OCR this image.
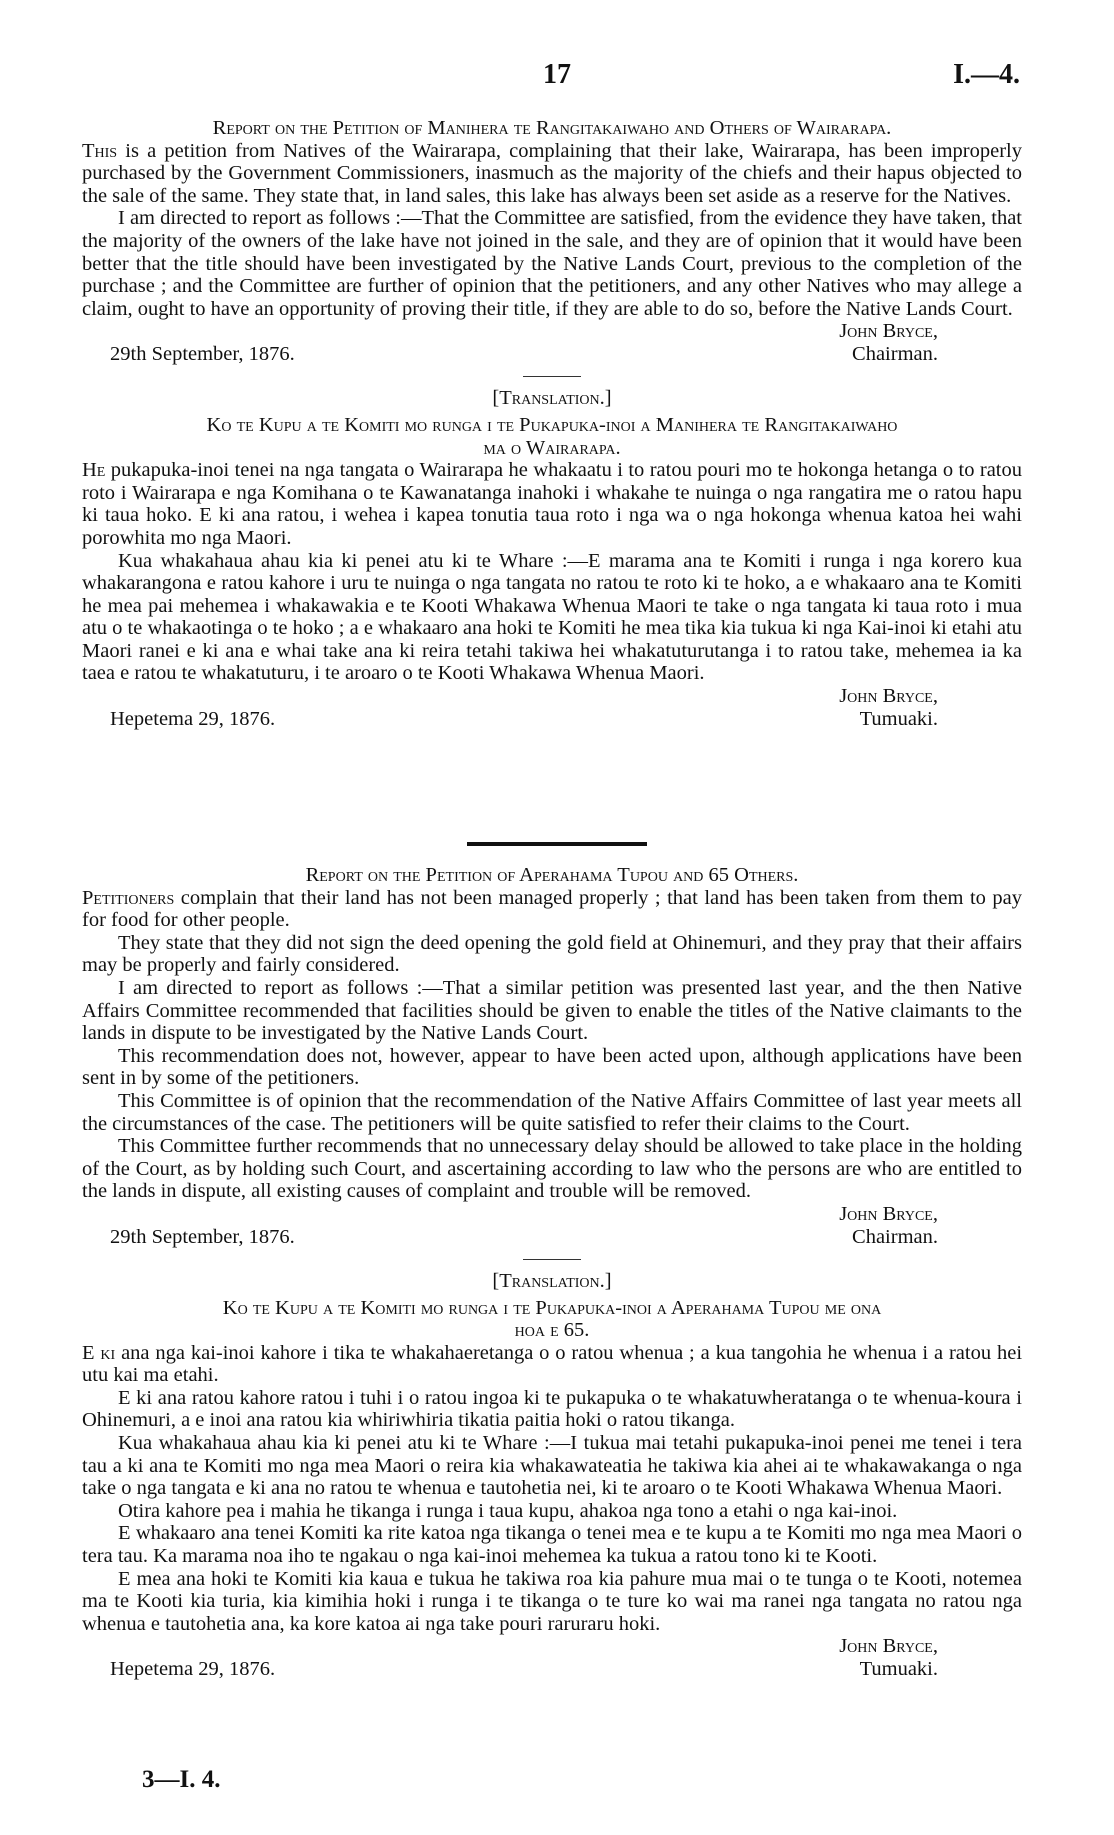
17	I.—4.
Report on the Petition of Manihera te Rangitakaiwaho and Others of Wairarapa.

This is a petition from Natives of the Wairarapa, complaining that their lake, Wairarapa, has been improperly purchased by the Government Commissioners, inasmuch as the majority of the chiefs and their hapus objected to the sale of the same. They state that, in land sales, this lake has always been set aside as a reserve for the Natives.

I am directed to report as follows :—That the Committee are satisfied, from the evidence they have taken, that the majority of the owners of the lake have not joined in the sale, and they are of opinion that it would have been better that the title should have been investigated by the Native Lands Court, previous to the completion of the purchase ; and the Committee are further of opinion that the petitioners, and any other Natives who may allege a claim, ought to have an opportunity of proving their title, if they are able to do so, before the Native Lands Court.

John Bryce,
29th September, 1876.	Chairman.
[Translation.]
Ko te Kupu a te Komiti mo runga i te Pukapuka-inoi a Manihera te Rangitakaiwaho
ma o Wairarapa.

He pukapuka-inoi tenei na nga tangata o Wairarapa he whakaatu i to ratou pouri mo te hokonga hetanga o to ratou roto i Wairarapa e nga Komihana o te Kawanatanga inahoki i whakahe te nuinga o nga rangatira me o ratou hapu ki taua hoko. E ki ana ratou, i wehea i kapea tonutia taua roto i nga wa o nga hokonga whenua katoa hei wahi porowhita mo nga Maori.

Kua whakahaua ahau kia ki penei atu ki te Whare :—E marama ana te Komiti i runga i nga korero kua whakarangona e ratou kahore i uru te nuinga o nga tangata no ratou te roto ki te hoko, a e whakaaro ana te Komiti he mea pai mehemea i whakawakia e te Kooti Whakawa Whenua Maori te take o nga tangata ki taua roto i mua atu o te whakaotinga o te hoko ; a e whakaaro ana hoki te Komiti he mea tika kia tukua ki nga Kai-inoi ki etahi atu Maori ranei e ki ana e whai take ana ki reira tetahi takiwa hei whakatuturutanga i to ratou take, mehemea ia ka taea e ratou te whakatuturu, i te aroaro o te Kooti Whakawa Whenua Maori.

John Bryce,
Hepetema 29, 1876.	Tumuaki.
Report on the Petition of Aperahama Tupou and 65 Others.

Petitioners complain that their land has not been managed properly ; that land has been taken from them to pay for food for other people.

They state that they did not sign the deed opening the gold field at Ohinemuri, and they pray that their affairs may be properly and fairly considered.

I am directed to report as follows :—That a similar petition was presented last year, and the then Native Affairs Committee recommended that facilities should be given to enable the titles of the Native claimants to the lands in dispute to be investigated by the Native Lands Court.

This recommendation does not, however, appear to have been acted upon, although applications have been sent in by some of the petitioners.

This Committee is of opinion that the recommendation of the Native Affairs Committee of last year meets all the circumstances of the case. The petitioners will be quite satisfied to refer their claims to the Court.

This Committee further recommends that no unnecessary delay should be allowed to take place in the holding of the Court, as by holding such Court, and ascertaining according to law who the persons are who are entitled to the lands in dispute, all existing causes of complaint and trouble will be removed.

John Bryce,
29th September, 1876.	Chairman.
[Translation.]
Ko te Kupu a te Komiti mo runga i te Pukapuka-inoi a Aperahama Tupou me ona
hoa e 65.

E ki ana nga kai-inoi kahore i tika te whakahaeretanga o o ratou whenua ; a kua tangohia he whenua i a ratou hei utu kai ma etahi.

E ki ana ratou kahore ratou i tuhi i o ratou ingoa ki te pukapuka o te whakatuwheratanga o te whenua-koura i Ohinemuri, a e inoi ana ratou kia whiriwhiria tikatia paitia hoki o ratou tikanga.

Kua whakahaua ahau kia ki penei atu ki te Whare :—I tukua mai tetahi pukapuka-inoi penei me tenei i tera tau a ki ana te Komiti mo nga mea Maori o reira kia whakawateatia he takiwa kia ahei ai te whakawakanga o nga take o nga tangata e ki ana no ratou te whenua e tautohetia nei, ki te aroaro o te Kooti Whakawa Whenua Maori.

Otira kahore pea i mahia he tikanga i runga i taua kupu, ahakoa nga tono a etahi o nga kai-inoi.

E whakaaro ana tenei Komiti ka rite katoa nga tikanga o tenei mea e te kupu a te Komiti mo nga mea Maori o tera tau. Ka marama noa iho te ngakau o nga kai-inoi mehemea ka tukua a ratou tono ki te Kooti.

E mea ana hoki te Komiti kia kaua e tukua he takiwa roa kia pahure mua mai o te tunga o te Kooti, notemea ma te Kooti kia turia, kia kimihia hoki i runga i te tikanga o te ture ko wai ma ranei nga tangata no ratou nga whenua e tautohetia ana, ka kore katoa ai nga take pouri raruraru hoki.

John Bryce,
Hepetema 29, 1876.	Tumuaki.
3—I. 4.
